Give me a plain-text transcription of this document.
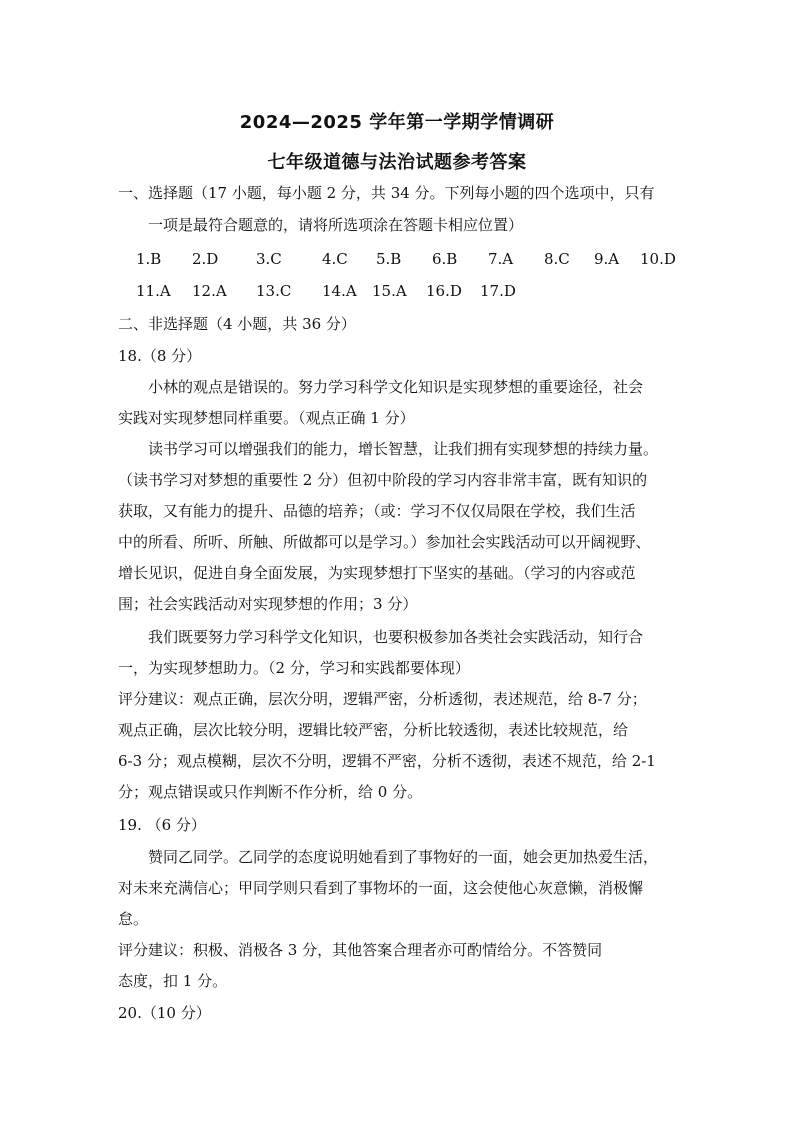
2024—2025 学年第一学期学情调研
七年级道德与法治试题参考答案
一、选择题（17 小题，每小题 2 分，共 34 分。下列每小题的四个选项中，只有
一项是最符合题意的，请将所选项涂在答题卡相应位置）
1.B 2.D	3.C	4.C 5.B 6.B 7.A 8.C 9.A 10.D
11.A 12.A 13.C 14.A 15.A 16.D 17.D
二、非选择题（4 小题，共 36 分）
18.（8 分）
小林的观点是错误的。努力学习科学文化知识是实现梦想的重要途径，社会
实践对实现梦想同样重要。（观点正确 1 分）
读书学习可以增强我们的能力，增长智慧，让我们拥有实现梦想的持续力量。
（读书学习对梦想的重要性 2 分）但初中阶段的学习内容非常丰富，既有知识的
获取，又有能力的提升、品德的培养；（或：学习不仅仅局限在学校，我们生活
中的所看、所听、所触、所做都可以是学习。）参加社会实践活动可以开阔视野、
增长见识，促进自身全面发展，为实现梦想打下坚实的基础。（学习的内容或范
围；社会实践活动对实现梦想的作用；3 分）
我们既要努力学习科学文化知识，也要积极参加各类社会实践活动，知行合
一，为实现梦想助力。（2 分，学习和实践都要体现）
评分建议：观点正确，层次分明，逻辑严密，分析透彻，表述规范，给 8-7 分；
观点正确，层次比较分明，逻辑比较严密，分析比较透彻，表述比较规范，给
6-3 分；观点模糊，层次不分明，逻辑不严密，分析不透彻，表述不规范，给 2-1
分；观点错误或只作判断不作分析，给 0 分。
19. （6 分）
赞同乙同学。乙同学的态度说明她看到了事物好的一面，她会更加热爱生活，
对未来充满信心；甲同学则只看到了事物坏的一面，这会使他心灰意懒，消极懈
怠。
评分建议：积极、消极各 3 分，其他答案合理者亦可酌情给分。不答赞同
态度，扣 1 分。
20.（10 分）
